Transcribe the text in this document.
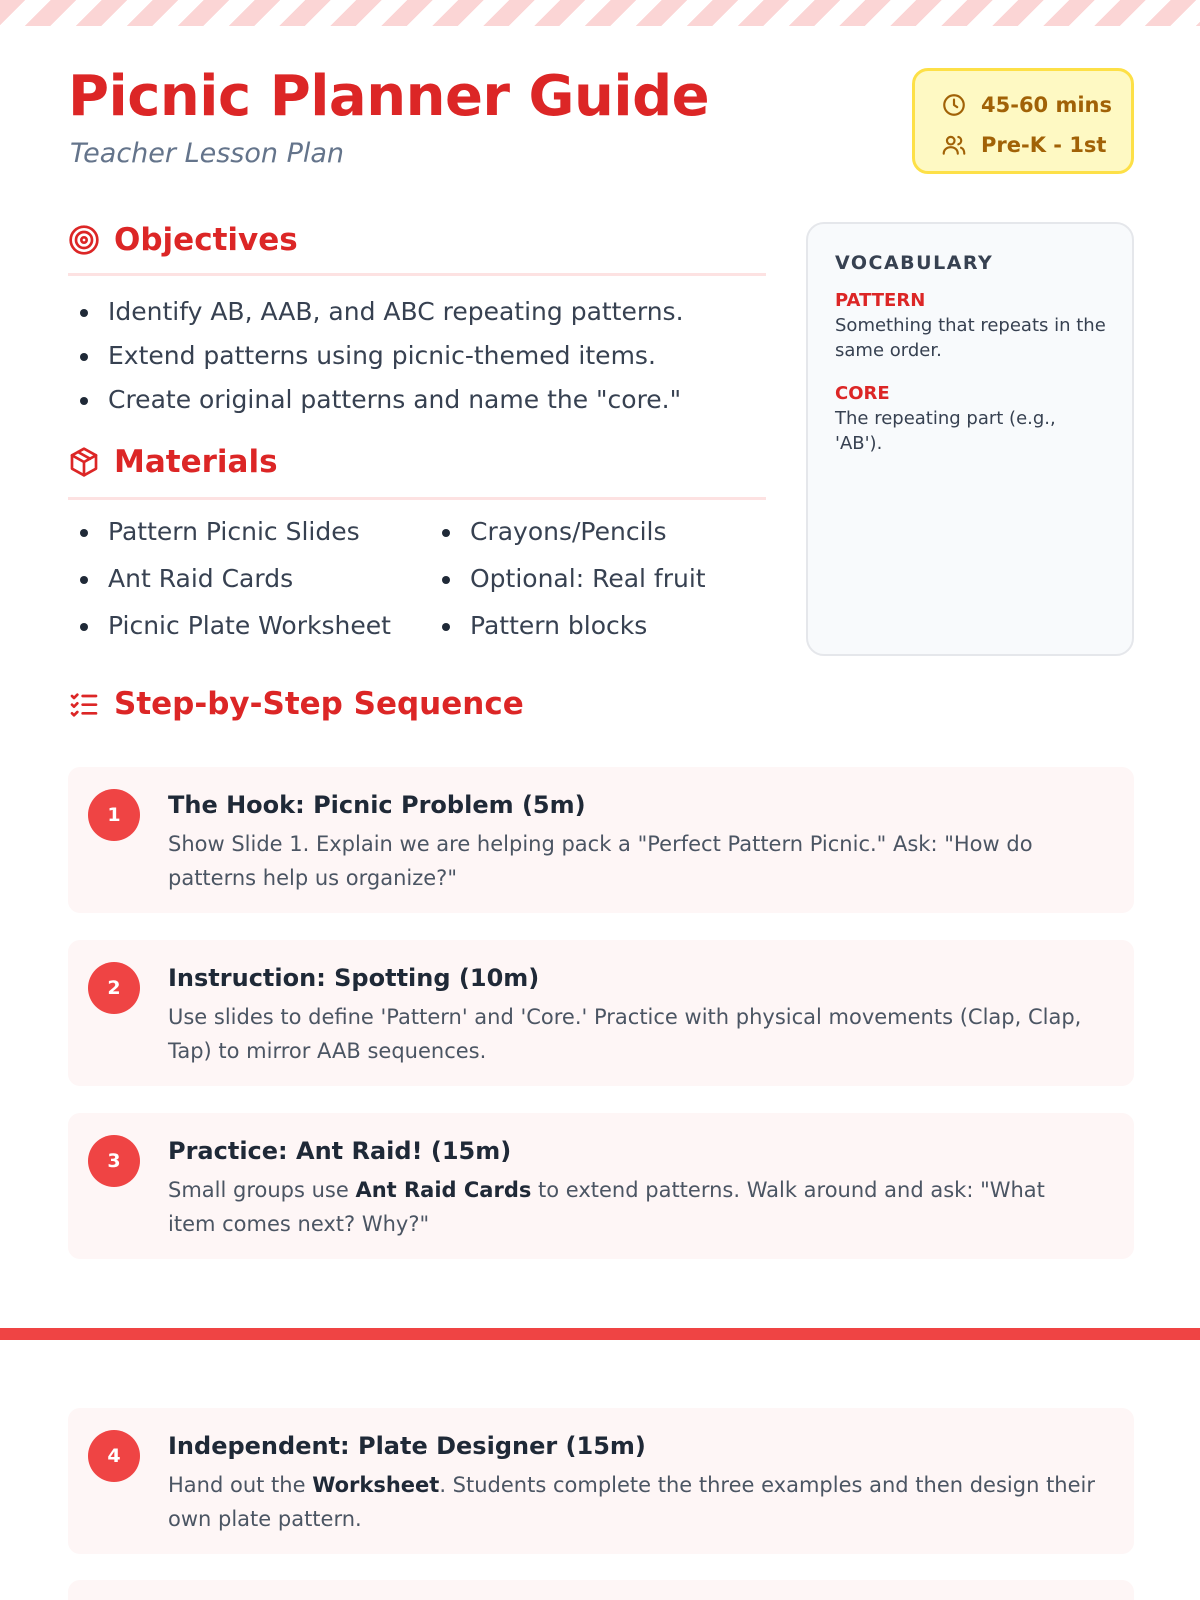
Picnic Planner Guide
Teacher Lesson Plan
45-60 mins
Pre-K - 1st
Objectives
Identify AB, AAB, and ABC repeating patterns.
Extend patterns using picnic-themed items.
Create original patterns and name the "core."
Materials
Pattern Picnic Slides
Ant Raid Cards
Picnic Plate Worksheet
Crayons/Pencils
Optional: Real fruit
Pattern blocks
VOCABULARY
PATTERN
Something that repeats in the same order.
CORE
The repeating part (e.g., 'AB').
Step-by-Step Sequence
1	The Hook: Picnic Problem (5m)
Show Slide 1. Explain we are helping pack a "Perfect Pattern Picnic." Ask: "How do patterns help us organize?"
2	Instruction: Spotting (10m)
Use slides to define 'Pattern' and 'Core.' Practice with physical movements (Clap, Clap, Tap) to mirror AAB sequences.
3	Practice: Ant Raid! (15m)
Small groups use Ant Raid Cards to extend patterns. Walk around and ask: "What item comes next? Why?"
4	Independent: Plate Designer (15m)
Hand out the Worksheet. Students complete the three examples and then design their own plate pattern.
